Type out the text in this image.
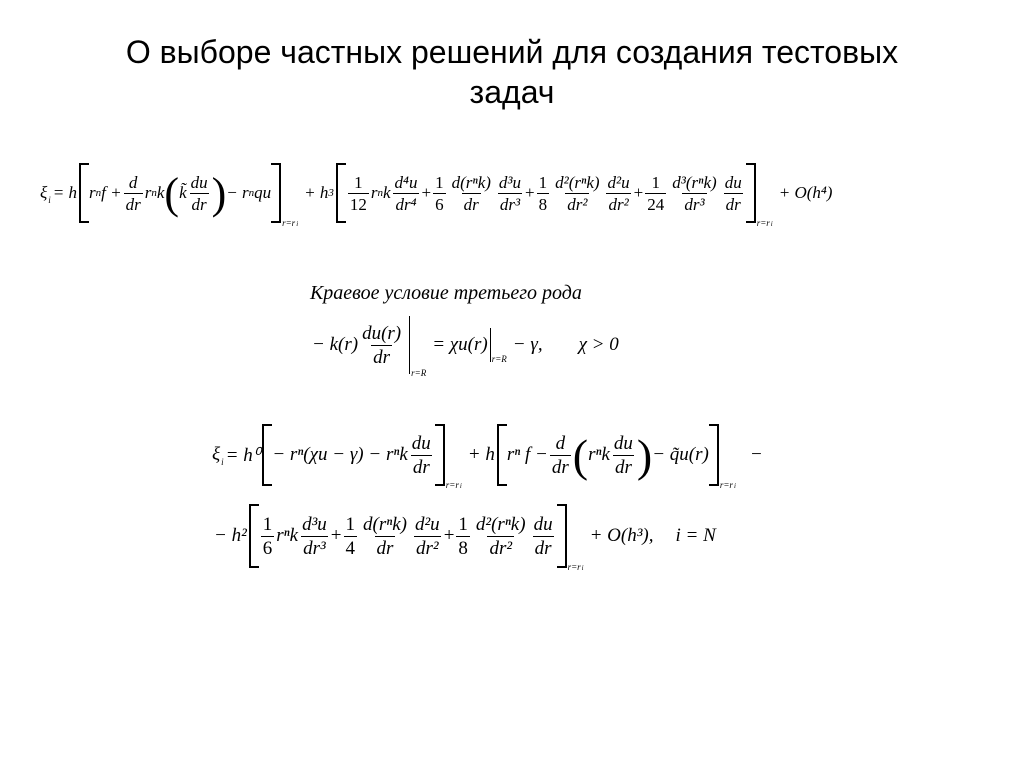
О выборе частных решений для создания тестовых
задач
ξ i = h r n $f + \frac{d}{dr}$ r n k ( k̃ $\frac{du}{dr}$ ) − r n qu
r=r i
+ h $3 \frac{1}{12}$ r n k $\frac{\text{d⁴u}}{\text{dr⁴}} + \frac{1}{6} \frac{\text{d(rⁿk)}}{dr} \frac{\text{d³u}}{\text{dr³}} + \frac{1}{8} \frac{\text{d²(rⁿk)}}{\text{dr²}} \frac{\text{d²u}}{\text{dr²}} + \frac{1}{24} \frac{\text{d³(rⁿk)}}{\text{dr³}} \frac{du}{dr}$
r=r i
+ O(h⁴)
Краевое условие третьего рода
− $k(r) \frac{du(r)}{dr}$
r=R
= χu(r)
r=R
− γ, χ > 0
ξ i = h⁰ − rⁿ(χu − γ) − rⁿk $\frac{du}{dr}$
r=r i
+ h rⁿ $f - \frac{d}{dr}$ ( rⁿk $\frac{du}{dr}$ ) − q̃u(r)
r=r i
−
− $h^2 \frac{1}{6}$ rⁿk $\frac{\text{d³u}}{\text{dr³}} + \frac{1}{4} \frac{\text{d(rⁿk)}}{dr} \frac{\text{d²u}}{\text{dr²}} + \frac{1}{8} \frac{\text{d²(rⁿk)}}{\text{dr²}} \frac{du}{dr}$
r=r i
+ O(h³), i = N
